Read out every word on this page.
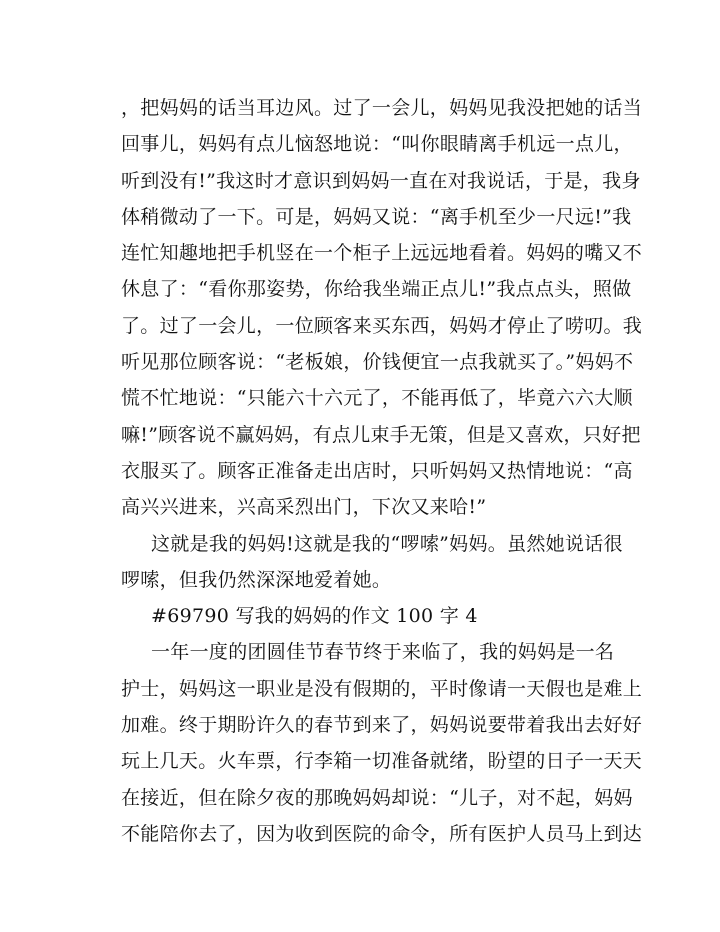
，把妈妈的话当耳边风。过了一会儿，妈妈见我没把她的话当
回事儿，妈妈有点儿恼怒地说：“叫你眼睛离手机远一点儿，
听到没有!”我这时才意识到妈妈一直在对我说话，于是，我身
体稍微动了一下。可是，妈妈又说：“离手机至少一尺远!”我
连忙知趣地把手机竖在一个柜子上远远地看着。妈妈的嘴又不
休息了：“看你那姿势，你给我坐端正点儿!”我点点头，照做
了。过了一会儿，一位顾客来买东西，妈妈才停止了唠叨。我
听见那位顾客说：“老板娘，价钱便宜一点我就买了。”妈妈不
慌不忙地说：“只能六十六元了，不能再低了，毕竟六六大顺
嘛!”顾客说不赢妈妈，有点儿束手无策，但是又喜欢，只好把
衣服买了。顾客正准备走出店时，只听妈妈又热情地说：“高
高兴兴进来，兴高采烈出门，下次又来哈!”
这就是我的妈妈!这就是我的“啰嗦”妈妈。虽然她说话很
啰嗦，但我仍然深深地爱着她。
#69790 写我的妈妈的作文 100 字 4
一年一度的团圆佳节春节终于来临了，我的妈妈是一名
护士，妈妈这一职业是没有假期的，平时像请一天假也是难上
加难。终于期盼许久的春节到来了，妈妈说要带着我出去好好
玩上几天。火车票，行李箱一切准备就绪，盼望的日子一天天
在接近，但在除夕夜的那晚妈妈却说：“儿子，对不起，妈妈
不能陪你去了，因为收到医院的命令，所有医护人员马上到达
